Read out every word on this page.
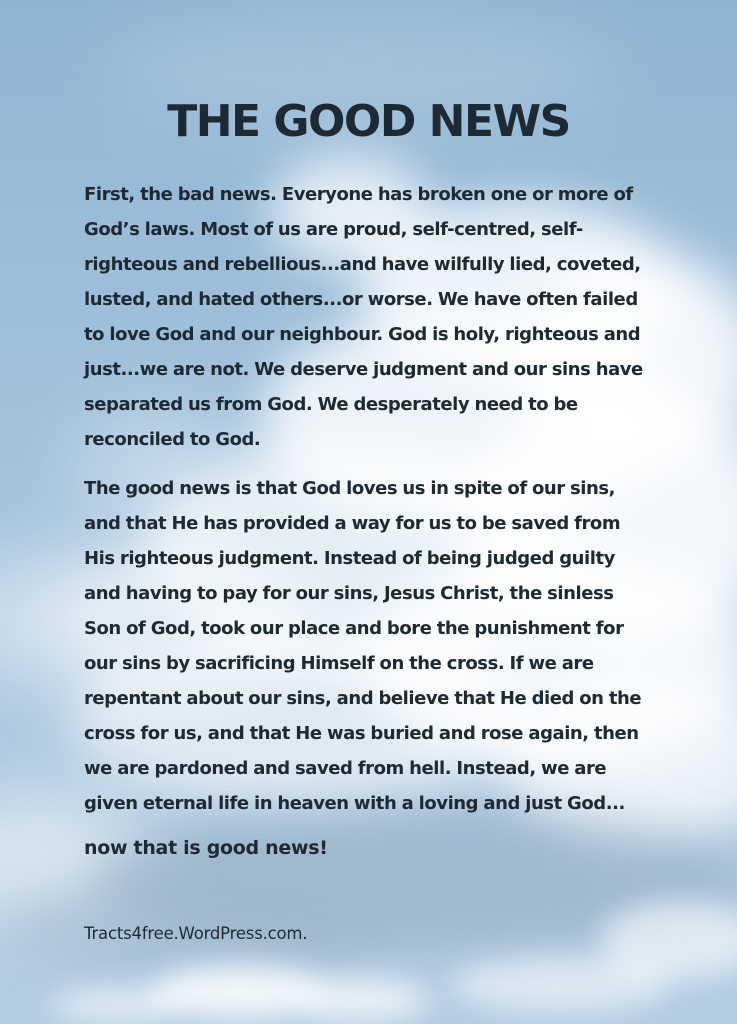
THE GOOD NEWS

First, the bad news. Everyone has broken one or more of God’s laws. Most of us are proud, self-centred, self-righteous and rebellious...and have wilfully lied, coveted, lusted, and hated others...or worse. We have often failed to love God and our neighbour. God is holy, righteous and just...we are not. We deserve judgment and our sins have separated us from God. We desperately need to be reconciled to God.

The good news is that God loves us in spite of our sins, and that He has provided a way for us to be saved from His righteous judgment. Instead of being judged guilty and having to pay for our sins, Jesus Christ, the sinless Son of God, took our place and bore the punishment for our sins by sacrificing Himself on the cross. If we are repentant about our sins, and believe that He died on the cross for us, and that He was buried and rose again, then we are pardoned and saved from hell. Instead, we are given eternal life in heaven with a loving and just God...

now that is good news!

Tracts4free.WordPress.com.
